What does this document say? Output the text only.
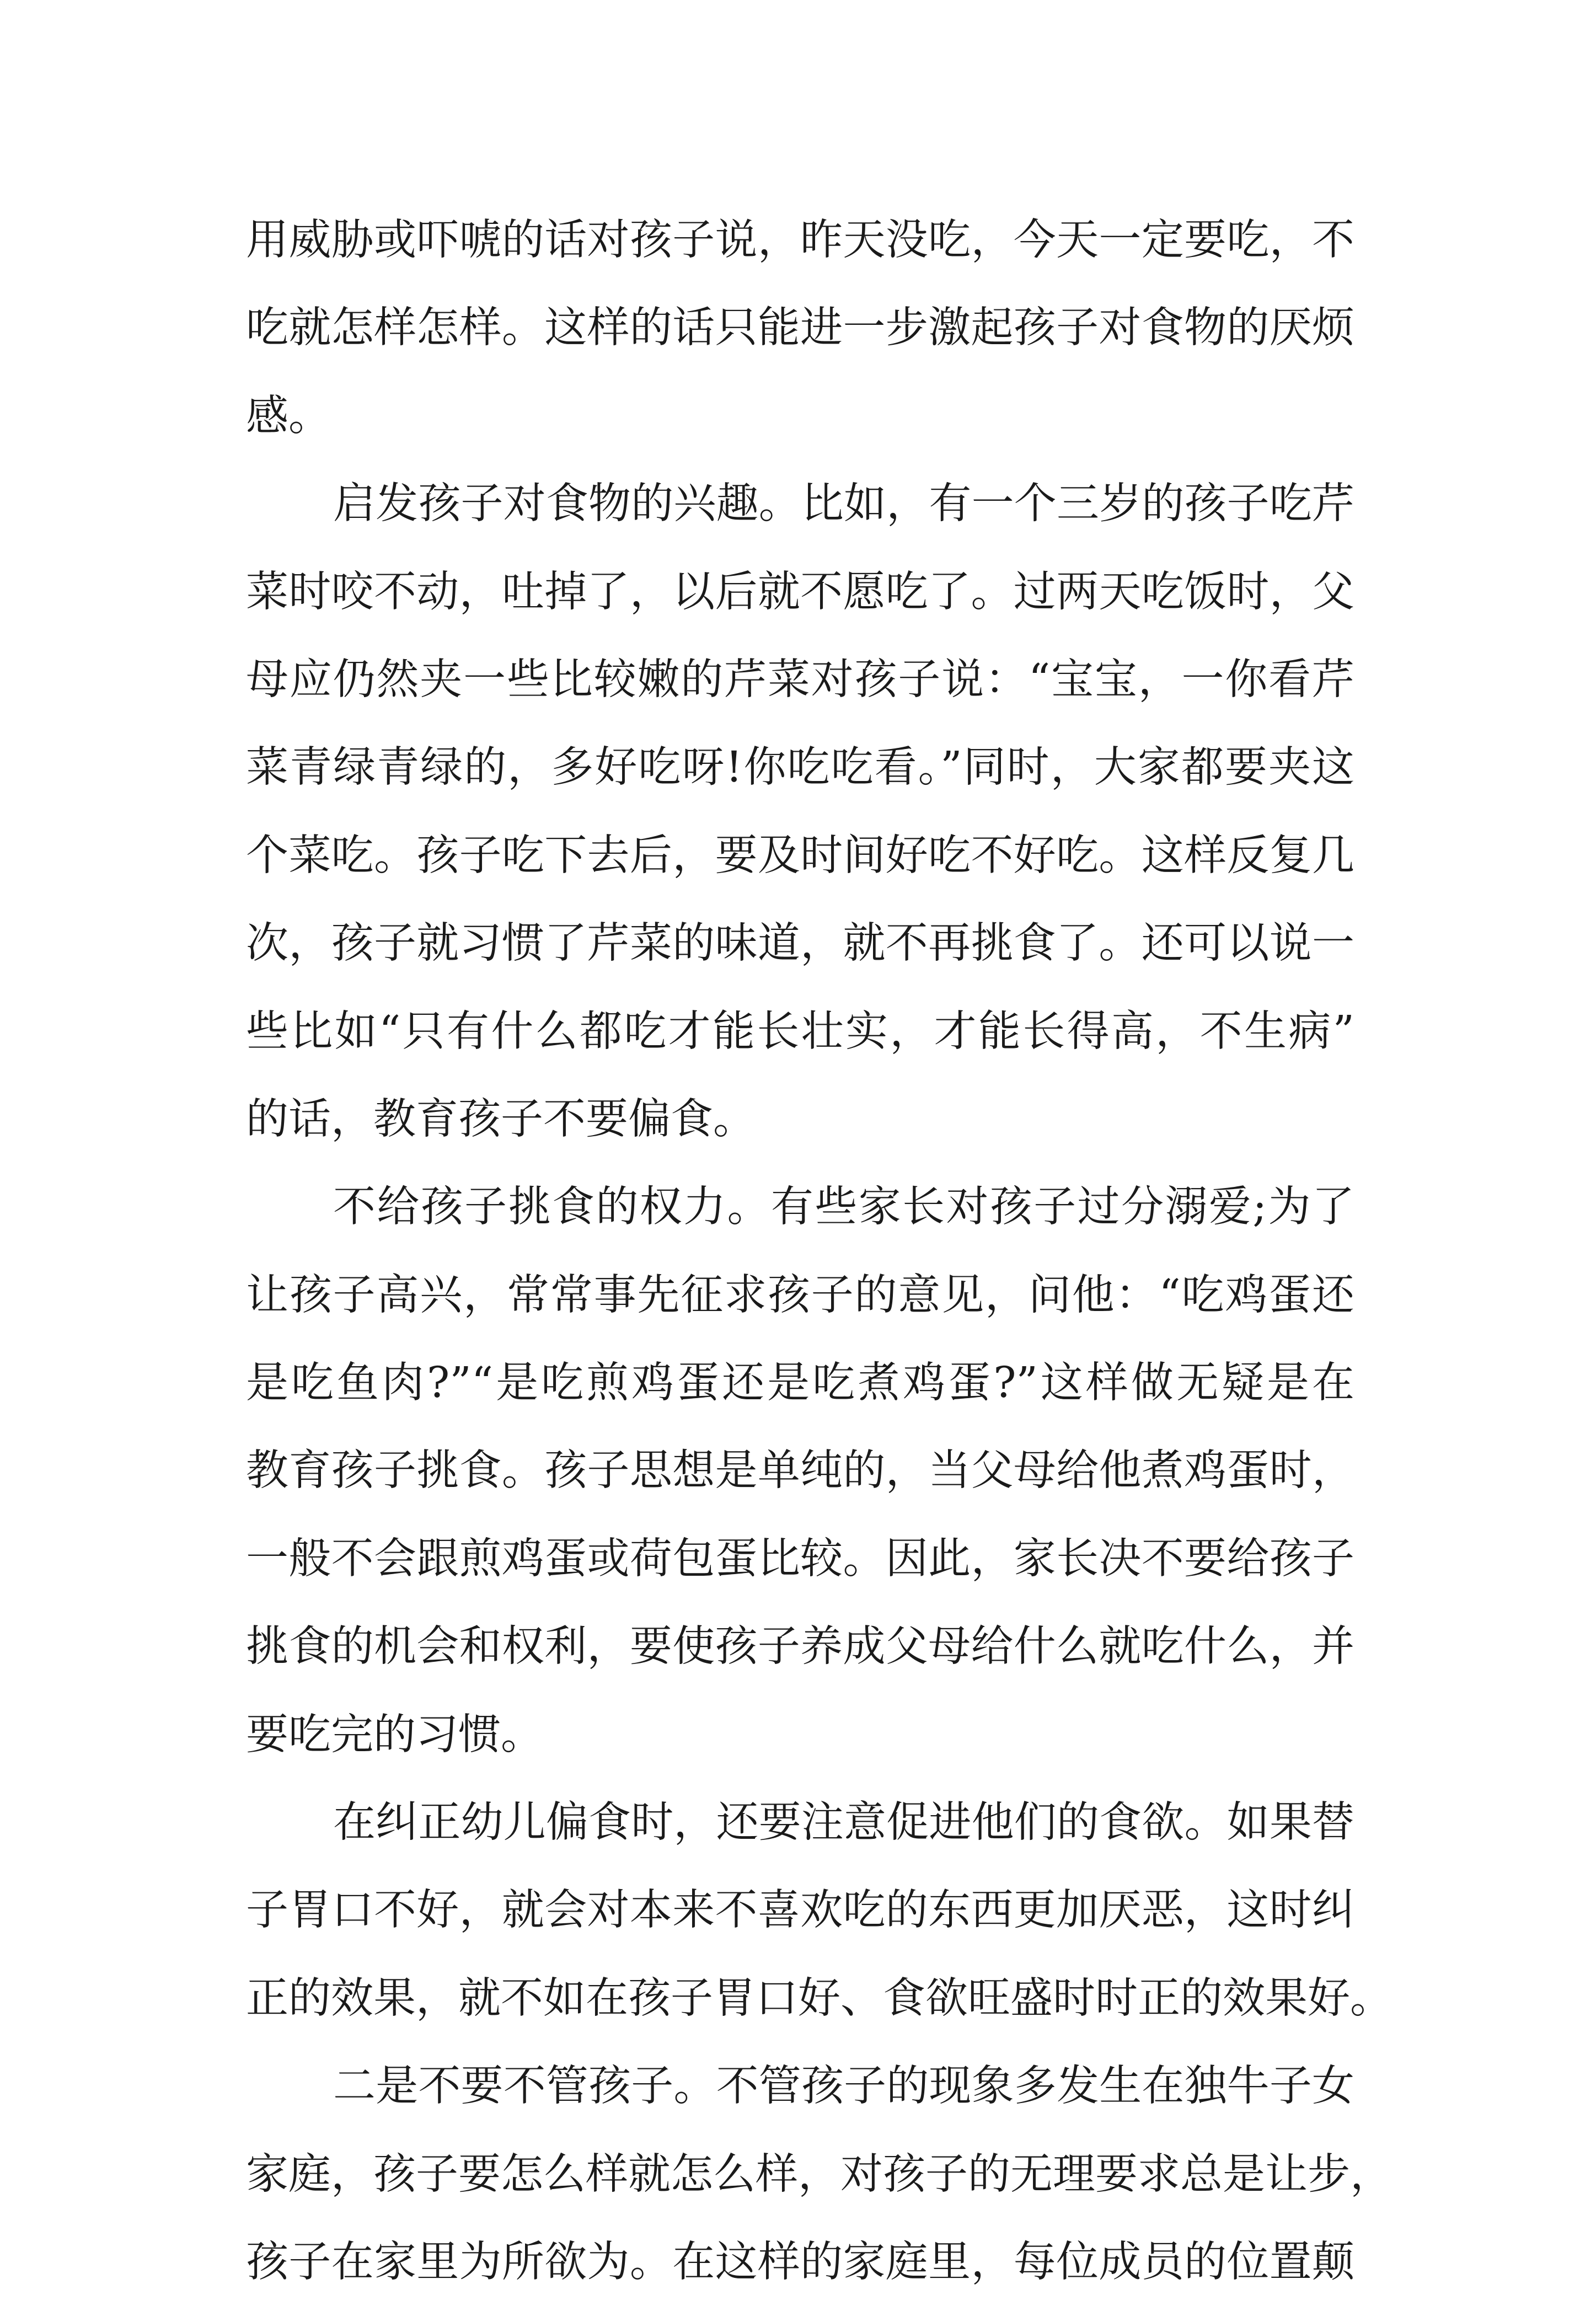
用威胁或吓唬的话对孩子说，昨天没吃，今天一定要吃，不
吃就怎样怎样。这样的话只能进一步激起孩子对食物的厌烦
感。
启发孩子对食物的兴趣。比如，有一个三岁的孩子吃芹
菜时咬不动，吐掉了，以后就不愿吃了。过两天吃饭时，父
母应仍然夹一些比较嫩的芹菜对孩子说：“宝宝，一你看芹
菜青绿青绿的，多好吃呀!你吃吃看。”同时，大家都要夹这
个菜吃。孩子吃下去后，要及时间好吃不好吃。这样反复几
次，孩子就习惯了芹菜的味道，就不再挑食了。还可以说一
些比如“只有什么都吃才能长壮实，才能长得高，不生病”
的话，教育孩子不要偏食。
不给孩子挑食的权力。有些家长对孩子过分溺爱;为了
让孩子高兴，常常事先征求孩子的意见，问他：“吃鸡蛋还
是吃鱼肉?”“是吃煎鸡蛋还是吃煮鸡蛋?”这样做无疑是在
教育孩子挑食。孩子思想是单纯的，当父母给他煮鸡蛋时，
一般不会跟煎鸡蛋或荷包蛋比较。因此，家长决不要给孩子
挑食的机会和权利，要使孩子养成父母给什么就吃什么，并
要吃完的习惯。
在纠正幼儿偏食时，还要注意促进他们的食欲。如果替
子胃口不好，就会对本来不喜欢吃的东西更加厌恶，这时纠
正的效果，就不如在孩子胃口好、食欲旺盛时时正的效果好。
二是不要不管孩子。不管孩子的现象多发生在独牛子女
家庭，孩子要怎么样就怎么样，对孩子的无理要求总是让步，
孩子在家里为所欲为。在这样的家庭里，每位成员的位置颠
